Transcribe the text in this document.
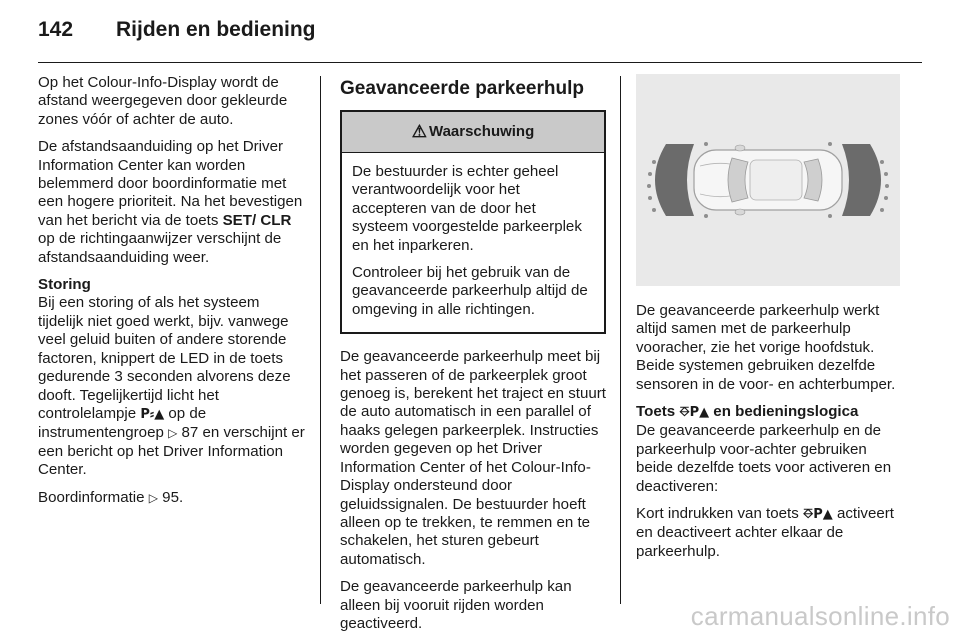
142	Rijden en bediening

Op het Colour-Info-Display wordt de afstand weergegeven door gekleurde zones vóór of achter de auto.

De afstandsaanduiding op het Driver Information Center kan worden belemmerd door boordinformatie met een hogere prioriteit. Na het bevestigen van het bericht via de toets SET/ CLR op de richtingaanwijzer verschijnt de afstandsaanduiding weer.

Storing

Bij een storing of als het systeem tijdelijk niet goed werkt, bijv. vanwege veel geluid buiten of andere storende factoren, knippert de LED in de toets gedurende 3 seconden alvorens deze dooft. Tegelijkertijd licht het controlelampje P⸗▲ op de instrumentengroep ▷ 87 en verschijnt er een bericht op het Driver Information Center.

Boordinformatie ▷ 95.

Geavanceerde parkeerhulp

⚠ Waarschuwing

De bestuurder is echter geheel verantwoordelijk voor het accepteren van de door het systeem voorgestelde parkeerplek en het inparkeren.

Controleer bij het gebruik van de geavanceerde parkeerhulp altijd de omgeving in alle richtingen.

De geavanceerde parkeerhulp meet bij het passeren of de parkeerplek groot genoeg is, berekent het traject en stuurt de auto automatisch in een parallel of haaks gelegen parkeerplek. Instructies worden gegeven op het Driver Information Center of het Colour-Info-Display ondersteund door geluidssignalen. De bestuurder hoeft alleen op te trekken, te remmen en te schakelen, het sturen gebeurt automatisch.

De geavanceerde parkeerhulp kan alleen bij vooruit rijden worden geactiveerd.

De geavanceerde parkeerhulp werkt altijd samen met de parkeerhulp vooracher, zie het vorige hoofdstuk. Beide systemen gebruiken dezelfde sensoren in de voor- en achterbumper.

Toets ⎑P▲ en bedieningslogica

De geavanceerde parkeerhulp en de parkeerhulp voor-achter gebruiken beide dezelfde toets voor activeren en deactiveren:

Kort indrukken van toets ⎑P▲ activeert en deactiveert achter elkaar de parkeerhulp.

carmanualsonline.info
